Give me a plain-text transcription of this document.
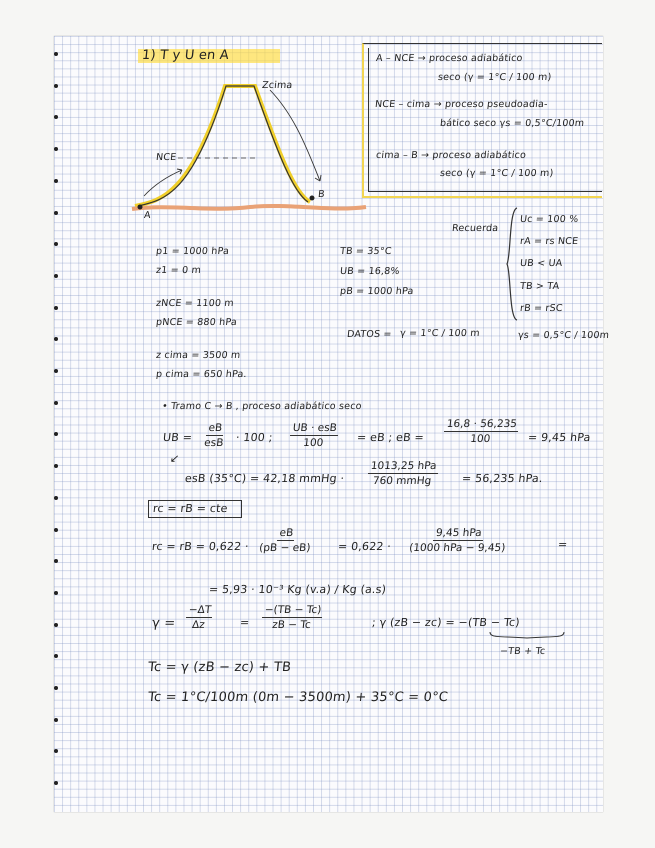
1) T y U en A
Zcima
NCE
A
B
A – NCE → proceso adiabático
seco (γ = 1°C / 100 m)
NCE – cima → proceso pseudoadia-
bático seco γs = 0,5°C/100m
cima – B → proceso adiabático
seco (γ = 1°C / 100 m)
p1 = 1000 hPa
z1 = 0 m
zNCE = 1100 m
pNCE = 880 hPa
z cima = 3500 m
p cima = 650 hPa.
TB = 35°C
UB = 16,8%
pB = 1000 hPa
Recuerda
Uc = 100 %
rA = rs NCE
UB < UA
TB > TA
rB = rSC
DATOS = γ = 1°C / 100 m	γs = 0,5°C / 100m
• Tramo C → B , proceso adiabático seco
UB =
eB
esB · 100 ;
UB · esB
100	= eB ; eB = $\frac{16,8 \cdot 56,235}{100} = 9,45$ hPa
↙
esB (35°C) = 42,18 mmHg ·
1013,25 hPa
760 mmHg	= 56,235 hPa.
rc = rB = cte
rc = rB = $0,622 \cdot \frac{eB}{(pB - eB)} = 0,622$ ·
9,45 hPa
(1000 hPa − 9,45)	=
= 5,93 · 10⁻³ Kg (v.a) / Kg (a.s)
$\gamma = \frac{-\Delta T}{\Delta z} = \frac{-(TB - Tc)}{zB - Tc}$	; γ (zB − zc) = −(TB − Tc)
−TB + Tc
Tc = γ (zB − zc) + TB
Tc = 1°C/100m (0m − 3500m) + 35°C = 0°C
